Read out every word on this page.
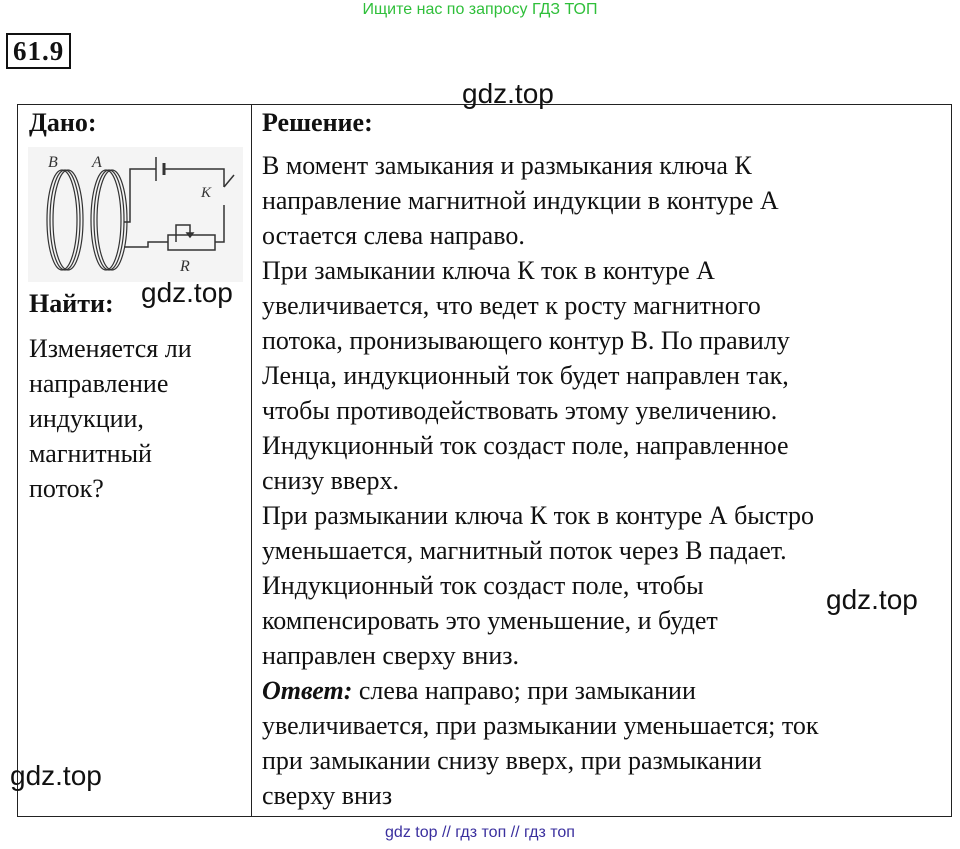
Ищите нас по запросу ГДЗ ТОП
61.9
Дано:
B A
K
R
Найти:
Изменяется ли
направление
индукции,
магнитный
поток?
Решение:

В момент замыкания и размыкания ключа К

направление магнитной индукции в контуре А

остается слева направо.

При замыкании ключа К ток в контуре А

увеличивается, что ведет к росту магнитного

потока, пронизывающего контур В. По правилу

Ленца, индукционный ток будет направлен так,

чтобы противодействовать этому увеличению.

Индукционный ток создаст поле, направленное

снизу вверх.

При размыкании ключа К ток в контуре А быстро

уменьшается, магнитный поток через В падает.

Индукционный ток создаст поле, чтобы

компенсировать это уменьшение, и будет

направлен сверху вниз.

Ответ: слева направо; при замыкании

увеличивается, при размыкании уменьшается; ток

при замыкании снизу вверх, при размыкании

сверху вниз

gdz.top
gdz.top
gdz.top
gdz.top
gdz top // гдз топ // гдз топ
